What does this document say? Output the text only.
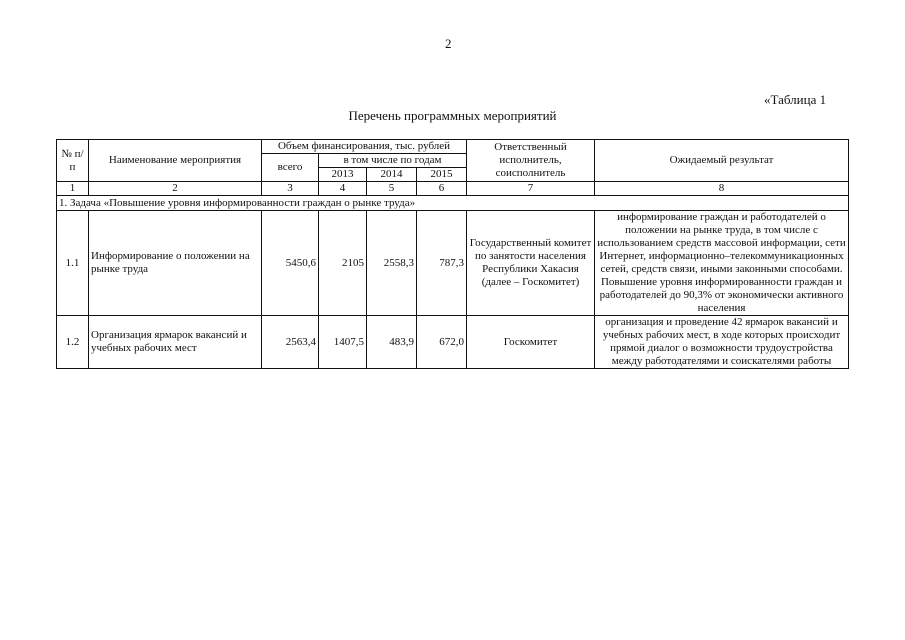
2
«Таблица 1
Перечень программных мероприятий
№ п/п	Наименование мероприятия	Объем финансирования, тыс. рублей				Ответственный исполнитель, соисполнитель	Ожидаемый результат
		всего	в том числе по годам				
			2013	2014	2015		
1	2	3	4	5	6	7	8
1. Задача «Повышение уровня информированности граждан о рынке труда»							
1.1	Информирование о положении на рынке труда	5450,6	2105	2558,3	787,3	Государственный комитет по занятости населения Республики Хакасия (далее – Госкомитет)	информирование граждан и работодателей о положении на рынке труда, в том числе с использованием средств массовой информации, сети Интернет, информационно–телекоммуникационных сетей, средств связи, иными законными способами. Повышение уровня информированности граждан и работодателей до 90,3% от экономически активного населения
1.2	Организация ярмарок вакансий и учебных рабочих мест	2563,4	1407,5	483,9	672,0	Госкомитет	организация и проведение 42 ярмарок вакансий и учебных рабочих мест, в ходе которых происходит прямой диалог о возможности трудоустройства между работодателями и соискателями работы
